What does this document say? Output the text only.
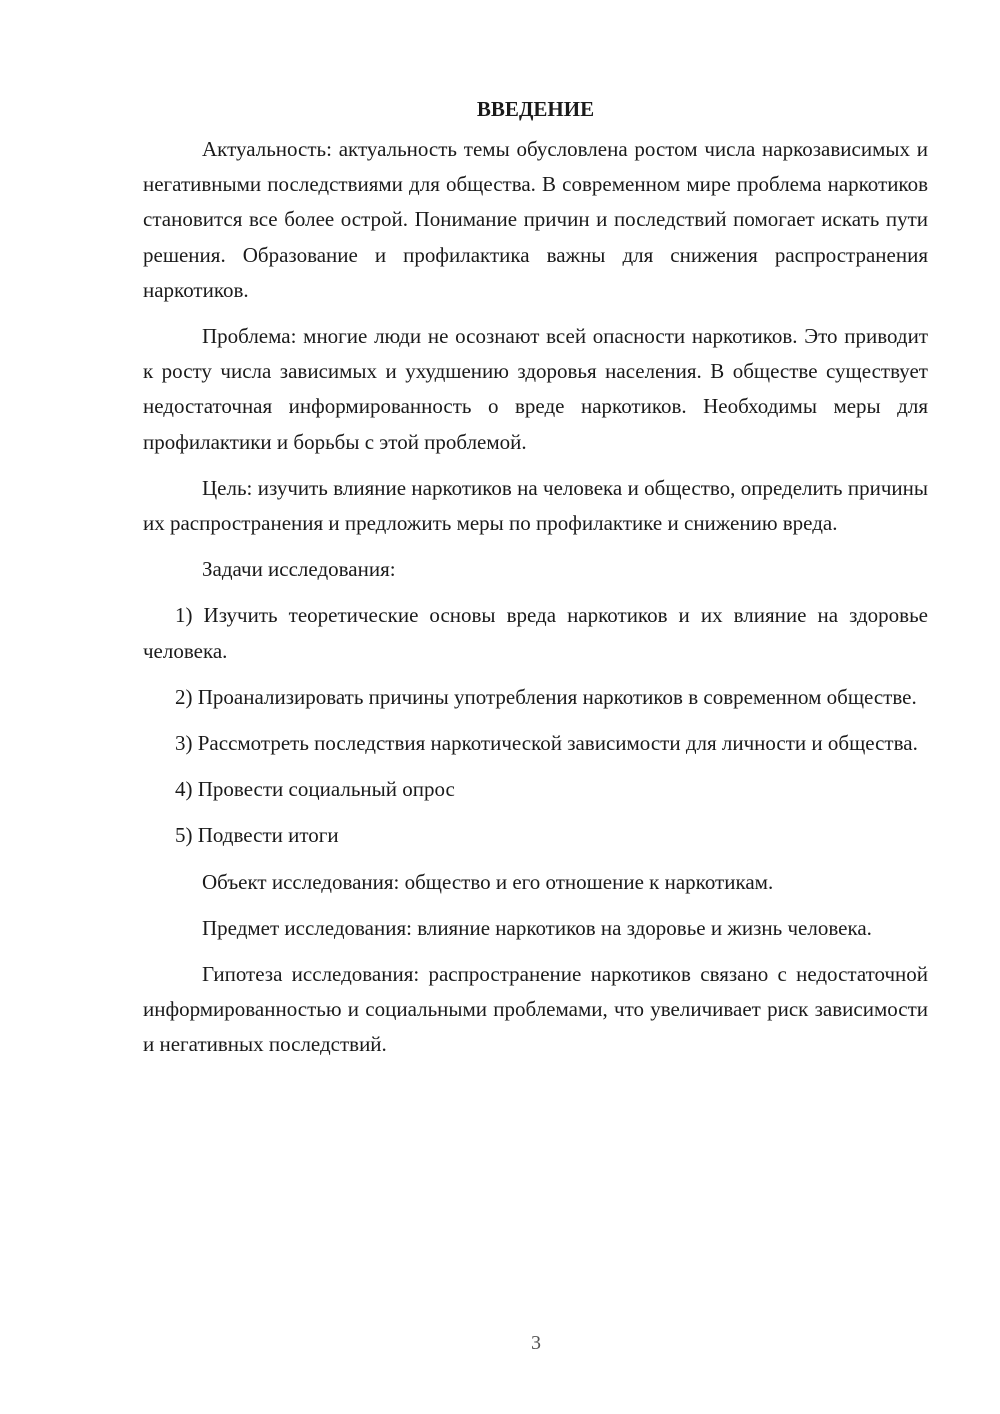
ВВЕДЕНИЕ

Актуальность: актуальность темы обусловлена ростом числа наркозависимых и негативными последствиями для общества. В современном мире проблема наркотиков становится все более острой. Понимание причин и последствий помогает искать пути решения. Образование и профилактика важны для снижения распространения наркотиков.

Проблема: многие люди не осознают всей опасности наркотиков. Это приводит к росту числа зависимых и ухудшению здоровья населения. В обществе существует недостаточная информированность о вреде наркотиков. Необходимы меры для профилактики и борьбы с этой проблемой.

Цель: изучить влияние наркотиков на человека и общество, определить причины их распространения и предложить меры по профилактике и снижению вреда.

Задачи исследования:

1) Изучить теоретические основы вреда наркотиков и их влияние на здоровье человека.

2) Проанализировать причины употребления наркотиков в современном обществе.

3) Рассмотреть последствия наркотической зависимости для личности и общества.

4) Провести социальный опрос

5) Подвести итоги

Объект исследования: общество и его отношение к наркотикам.

Предмет исследования: влияние наркотиков на здоровье и жизнь человека.

Гипотеза исследования: распространение наркотиков связано с недостаточной информированностью и социальными проблемами, что увеличивает риск зависимости и негативных последствий.

3
